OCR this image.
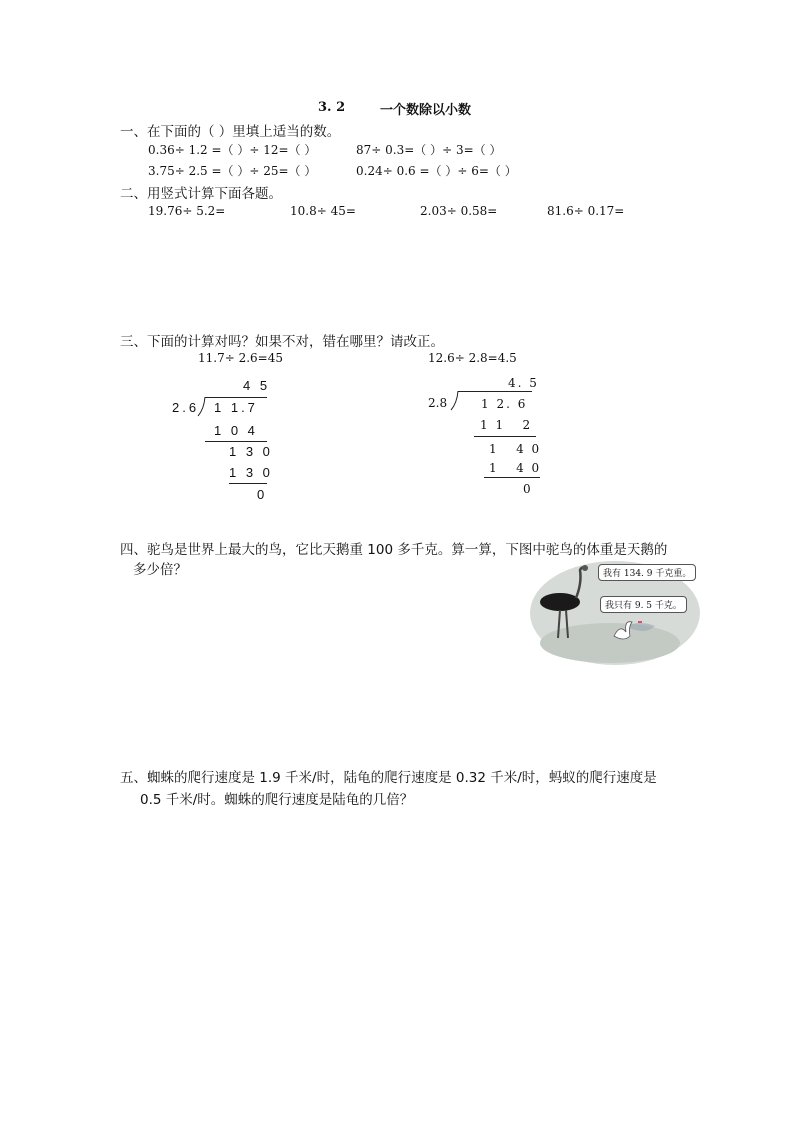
3. 2	一个数除以小数
一、在下面的（ ）里填上适当的数。
0.36÷ 1.2 =（ ）÷ 12=（ ）	87÷ 0.3=（ ）÷ 3=（ ）
3.75÷ 2.5 =（ ）÷ 25=（ ）	0.24÷ 0.6 =（ ）÷ 6=（ ）
二、用竖式计算下面各题。
19.76÷ 5.2=	10.8÷ 45=	2.03÷ 0.58=	81.6÷ 0.17=
三、下面的计算对吗？如果不对，错在哪里？请改正。
11.7÷ 2.6=45	12.6÷ 2.8=4.5
4 5
2.6 1 1.7
1 0 4
1 3 0
1 3 0
0
4. 5
2.8	1 2. 6
1 1   2
1   4 0
1   4 0
0
四、驼鸟是世界上最大的鸟，它比天鹅重 100 多千克。算一算，下图中驼鸟的体重是天鹅的
多少倍？	我有 134. 9 千克重。
我只有 9. 5 千克。
五、蜘蛛的爬行速度是 1.9 千米/时，陆龟的爬行速度是 0.32 千米/时，蚂蚁的爬行速度是
0.5 千米/时。蜘蛛的爬行速度是陆龟的几倍？
